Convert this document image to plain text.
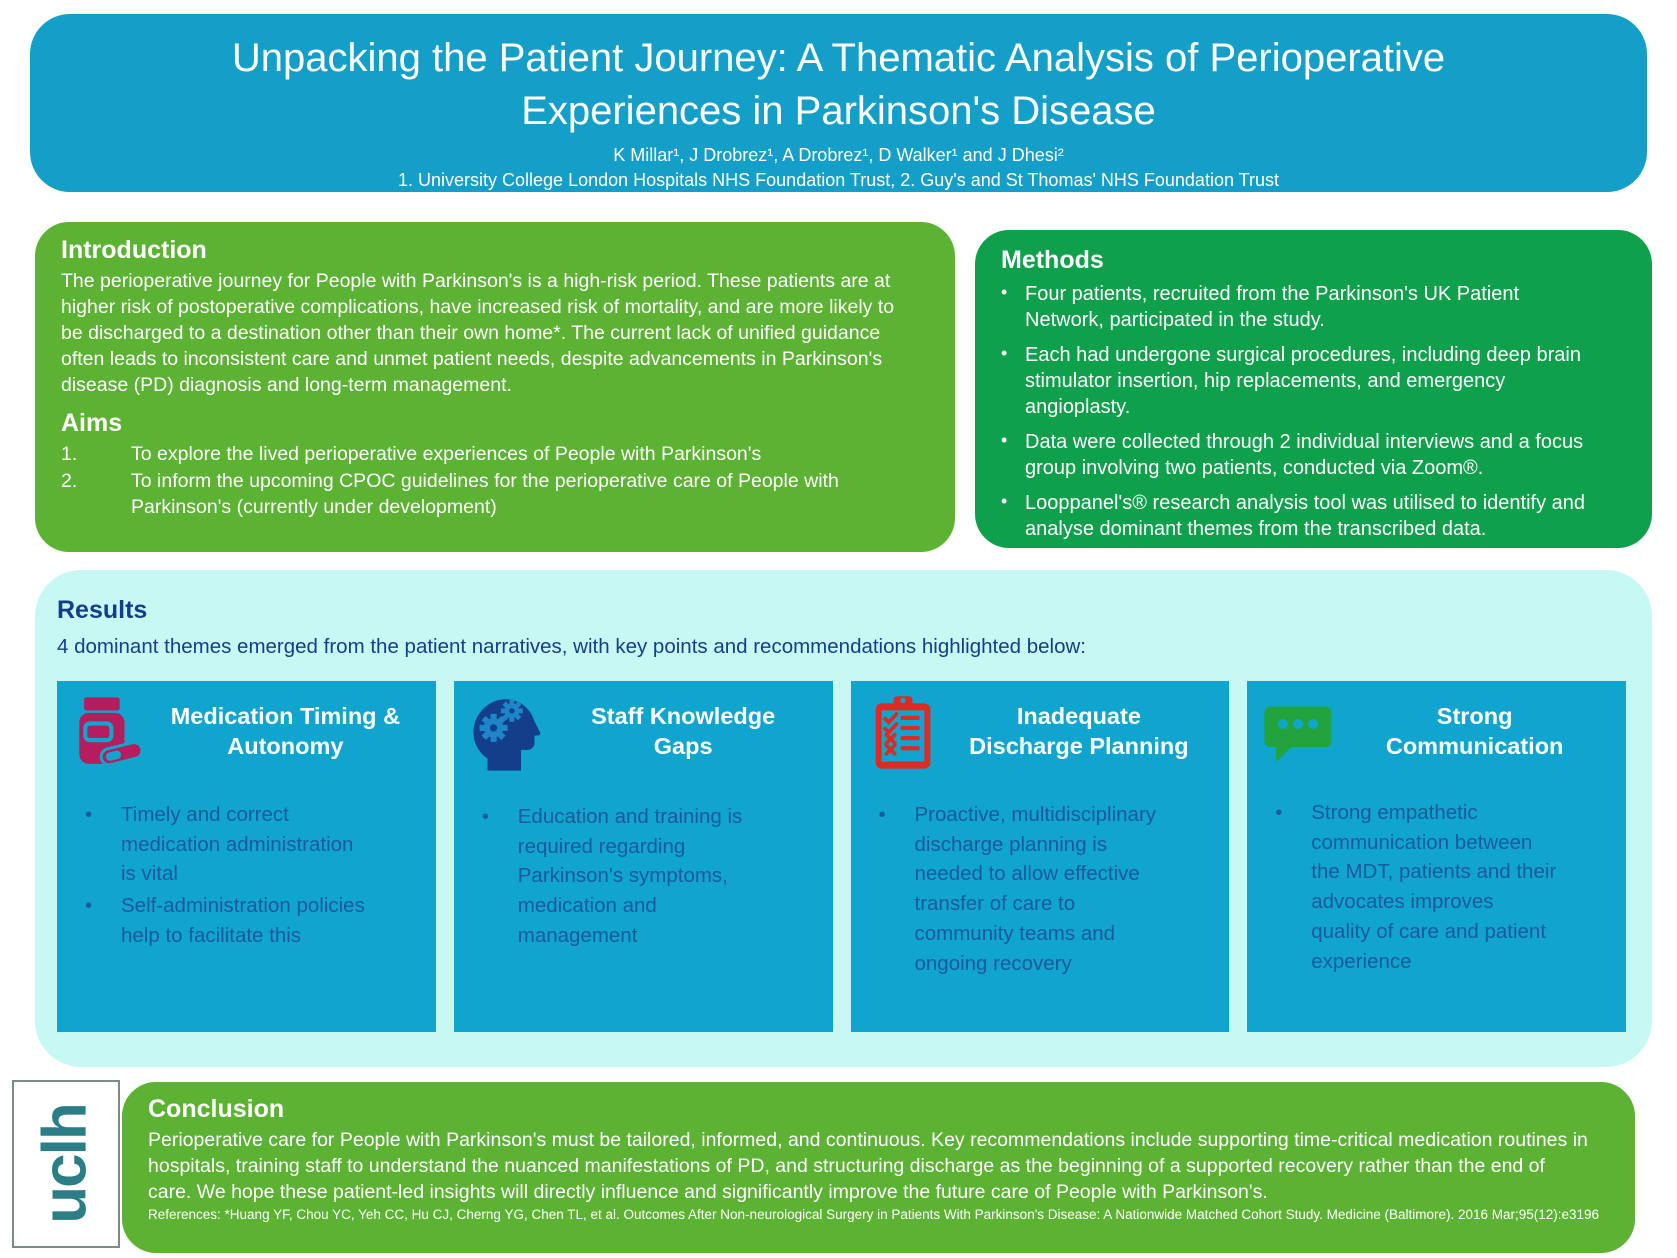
Unpacking the Patient Journey: A Thematic Analysis of Perioperative Experiences in Parkinson's Disease
K Millar¹, J Drobrez¹, A Drobrez¹, D Walker¹ and J Dhesi²
1. University College London Hospitals NHS Foundation Trust, 2. Guy's and St Thomas' NHS Foundation Trust
Introduction

The perioperative journey for People with Parkinson's is a high-risk period. These patients are at higher risk of postoperative complications, have increased risk of mortality, and are more likely to be discharged to a destination other than their own home*. The current lack of unified guidance often leads to inconsistent care and unmet patient needs, despite advancements in Parkinson's disease (PD) diagnosis and long-term management.

Aims
1.	To explore the lived perioperative experiences of People with Parkinson's
2.	To inform the upcoming CPOC guidelines for the perioperative care of People with Parkinson's (currently under development)
Methods
• Four patients, recruited from the Parkinson's UK Patient Network, participated in the study.
• Each had undergone surgical procedures, including deep brain stimulator insertion, hip replacements, and emergency angioplasty.
• Data were collected through 2 individual interviews and a focus group involving two patients, conducted via Zoom®.
• Looppanel's® research analysis tool was utilised to identify and analyse dominant themes from the transcribed data.
Results
4 dominant themes emerged from the patient narratives, with key points and recommendations highlighted below:
Medication Timing & Autonomy
• Timely and correct medication administration is vital
• Self-administration policies help to facilitate this
Staff Knowledge Gaps
• Education and training is required regarding Parkinson's symptoms, medication and management
Inadequate Discharge Planning
• Proactive, multidisciplinary discharge planning is needed to allow effective transfer of care to community teams and ongoing recovery
Strong Communication
• Strong empathetic communication between the MDT, patients and their advocates improves quality of care and patient experience
Conclusion

Perioperative care for People with Parkinson's must be tailored, informed, and continuous. Key recommendations include supporting time-critical medication routines in hospitals, training staff to understand the nuanced manifestations of PD, and structuring discharge as the beginning of a supported recovery rather than the end of care. We hope these patient-led insights will directly influence and significantly improve the future care of People with Parkinson's.

References: *Huang YF, Chou YC, Yeh CC, Hu CJ, Cherng YG, Chen TL, et al. Outcomes After Non-neurological Surgery in Patients With Parkinson's Disease: A Nationwide Matched Cohort Study. Medicine (Baltimore). 2016 Mar;95(12):e3196
uclh
